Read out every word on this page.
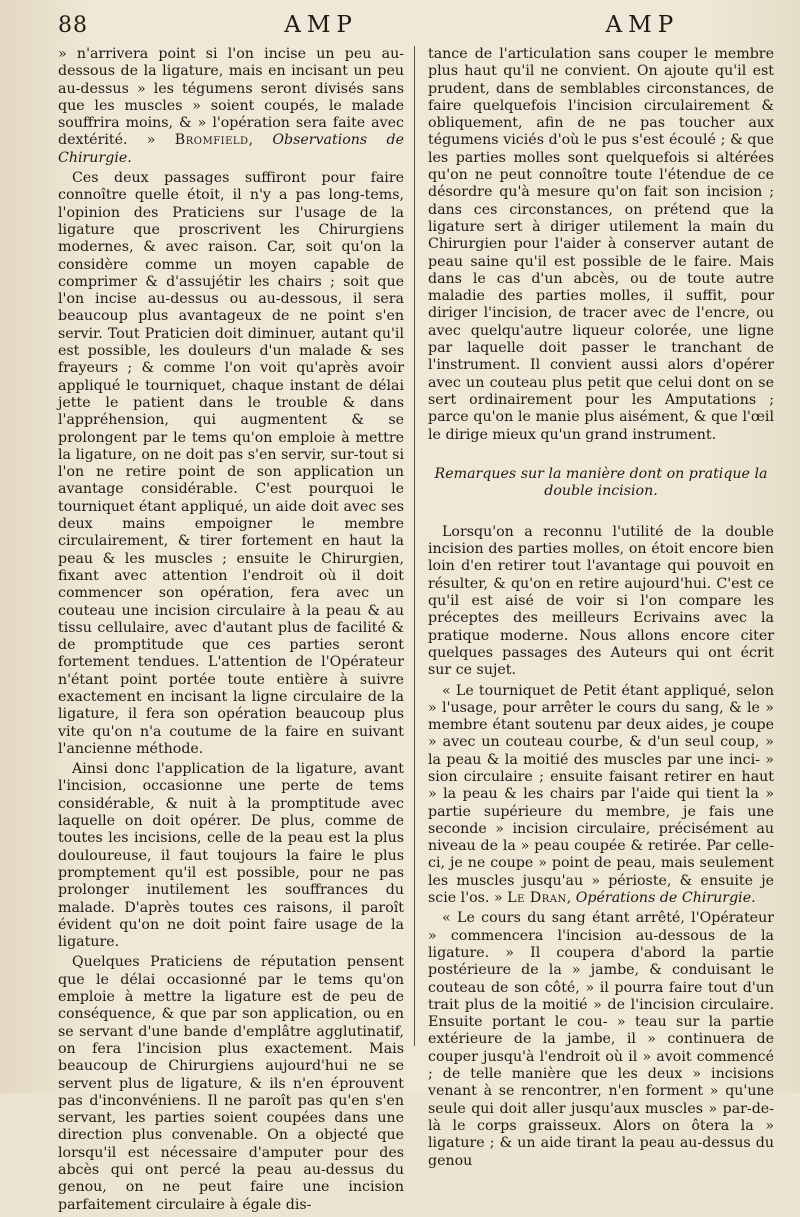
88	AMP	AMP

» n'arrivera point si l'on incise un peu au-dessous de la ligature, mais en incisant un peu au-dessus » les tégumens seront divisés sans que les muscles » soient coupés, le malade souffrira moins, & » l'opération sera faite avec dextérité. » Bromfield, Observations de Chirurgie.

Ces deux passages suffiront pour faire connoître quelle étoit, il n'y a pas long-tems, l'opinion des Praticiens sur l'usage de la ligature que proscrivent les Chirurgiens modernes, & avec raison. Car, soit qu'on la considère comme un moyen capable de comprimer & d'assujétir les chairs ; soit que l'on incise au-dessus ou au-dessous, il sera beaucoup plus avantageux de ne point s'en servir. Tout Praticien doit diminuer, autant qu'il est possible, les douleurs d'un malade & ses frayeurs ; & comme l'on voit qu'après avoir appliqué le tourniquet, chaque instant de délai jette le patient dans le trouble & dans l'appréhension, qui augmentent & se prolongent par le tems qu'on emploie à mettre la ligature, on ne doit pas s'en servir, sur-tout si l'on ne retire point de son application un avantage considérable. C'est pourquoi le tourniquet étant appliqué, un aide doit avec ses deux mains empoigner le membre circulairement, & tirer fortement en haut la peau & les muscles ; ensuite le Chirurgien, fixant avec attention l'endroit où il doit commencer son opération, fera avec un couteau une incision circulaire à la peau & au tissu cellulaire, avec d'autant plus de facilité & de promptitude que ces parties seront fortement tendues. L'attention de l'Opérateur n'étant point portée toute entière à suivre exactement en incisant la ligne circulaire de la ligature, il fera son opération beaucoup plus vite qu'on n'a coutume de la faire en suivant l'ancienne méthode.

Ainsi donc l'application de la ligature, avant l'incision, occasionne une perte de tems considérable, & nuit à la promptitude avec laquelle on doit opérer. De plus, comme de toutes les incisions, celle de la peau est la plus douloureuse, il faut toujours la faire le plus promptement qu'il est possible, pour ne pas prolonger inutilement les souffrances du malade. D'après toutes ces raisons, il paroît évident qu'on ne doit point faire usage de la ligature.

Quelques Praticiens de réputation pensent que le délai occasionné par le tems qu'on emploie à mettre la ligature est de peu de conséquence, & que par son application, ou en se servant d'une bande d'emplâtre agglutinatif, on fera l'incision plus exactement. Mais beaucoup de Chirurgiens aujourd'hui ne se servent plus de ligature, & ils n'en éprouvent pas d'inconvéniens. Il ne paroît pas qu'en s'en servant, les parties soient coupées dans une direction plus convenable. On a objecté que lorsqu'il est nécessaire d'amputer pour des abcès qui ont percé la peau au-dessus du genou, on ne peut faire une incision parfaitement circulaire à égale dis-

tance de l'articulation sans couper le membre plus haut qu'il ne convient. On ajoute qu'il est prudent, dans de semblables circonstances, de faire quelquefois l'incision circulairement & obliquement, afin de ne pas toucher aux tégumens viciés d'où le pus s'est écoulé ; & que les parties molles sont quelquefois si altérées qu'on ne peut connoître toute l'étendue de ce désordre qu'à mesure qu'on fait son incision ; dans ces circonstances, on prétend que la ligature sert à diriger utilement la main du Chirurgien pour l'aider à conserver autant de peau saine qu'il est possible de le faire. Mais dans le cas d'un abcès, ou de toute autre maladie des parties molles, il suffit, pour diriger l'incision, de tracer avec de l'encre, ou avec quelqu'autre liqueur colorée, une ligne par laquelle doit passer le tranchant de l'instrument. Il convient aussi alors d'opérer avec un couteau plus petit que celui dont on se sert ordinairement pour les Amputations ; parce qu'on le manie plus aisément, & que l'œil le dirige mieux qu'un grand instrument.

Remarques sur la manière dont on pratique la double incision.

Lorsqu'on a reconnu l'utilité de la double incision des parties molles, on étoit encore bien loin d'en retirer tout l'avantage qui pouvoit en résulter, & qu'on en retire aujourd'hui. C'est ce qu'il est aisé de voir si l'on compare les préceptes des meilleurs Ecrivains avec la pratique moderne. Nous allons encore citer quelques passages des Auteurs qui ont écrit sur ce sujet.

« Le tourniquet de Petit étant appliqué, selon » l'usage, pour arrêter le cours du sang, & le » membre étant soutenu par deux aides, je coupe » avec un couteau courbe, & d'un seul coup, » la peau & la moitié des muscles par une inci- » sion circulaire ; ensuite faisant retirer en haut » la peau & les chairs par l'aide qui tient la » partie supérieure du membre, je fais une seconde » incision circulaire, précisément au niveau de la » peau coupée & retirée. Par celle-ci, je ne coupe » point de peau, mais seulement les muscles jusqu'au » périoste, & ensuite je scie l'os. » Le Dran, Opérations de Chirurgie.

« Le cours du sang étant arrêté, l'Opérateur » commencera l'incision au-dessous de la ligature. » Il coupera d'abord la partie postérieure de la » jambe, & conduisant le couteau de son côté, » il pourra faire tout d'un trait plus de la moitié » de l'incision circulaire. Ensuite portant le cou- » teau sur la partie extérieure de la jambe, il » continuera de couper jusqu'à l'endroit où il » avoit commencé ; de telle manière que les deux » incisions venant à se rencontrer, n'en forment » qu'une seule qui doit aller jusqu'aux muscles » par-de-là le corps graisseux. Alors on ôtera la » ligature ; & un aide tirant la peau au-dessus du genou
